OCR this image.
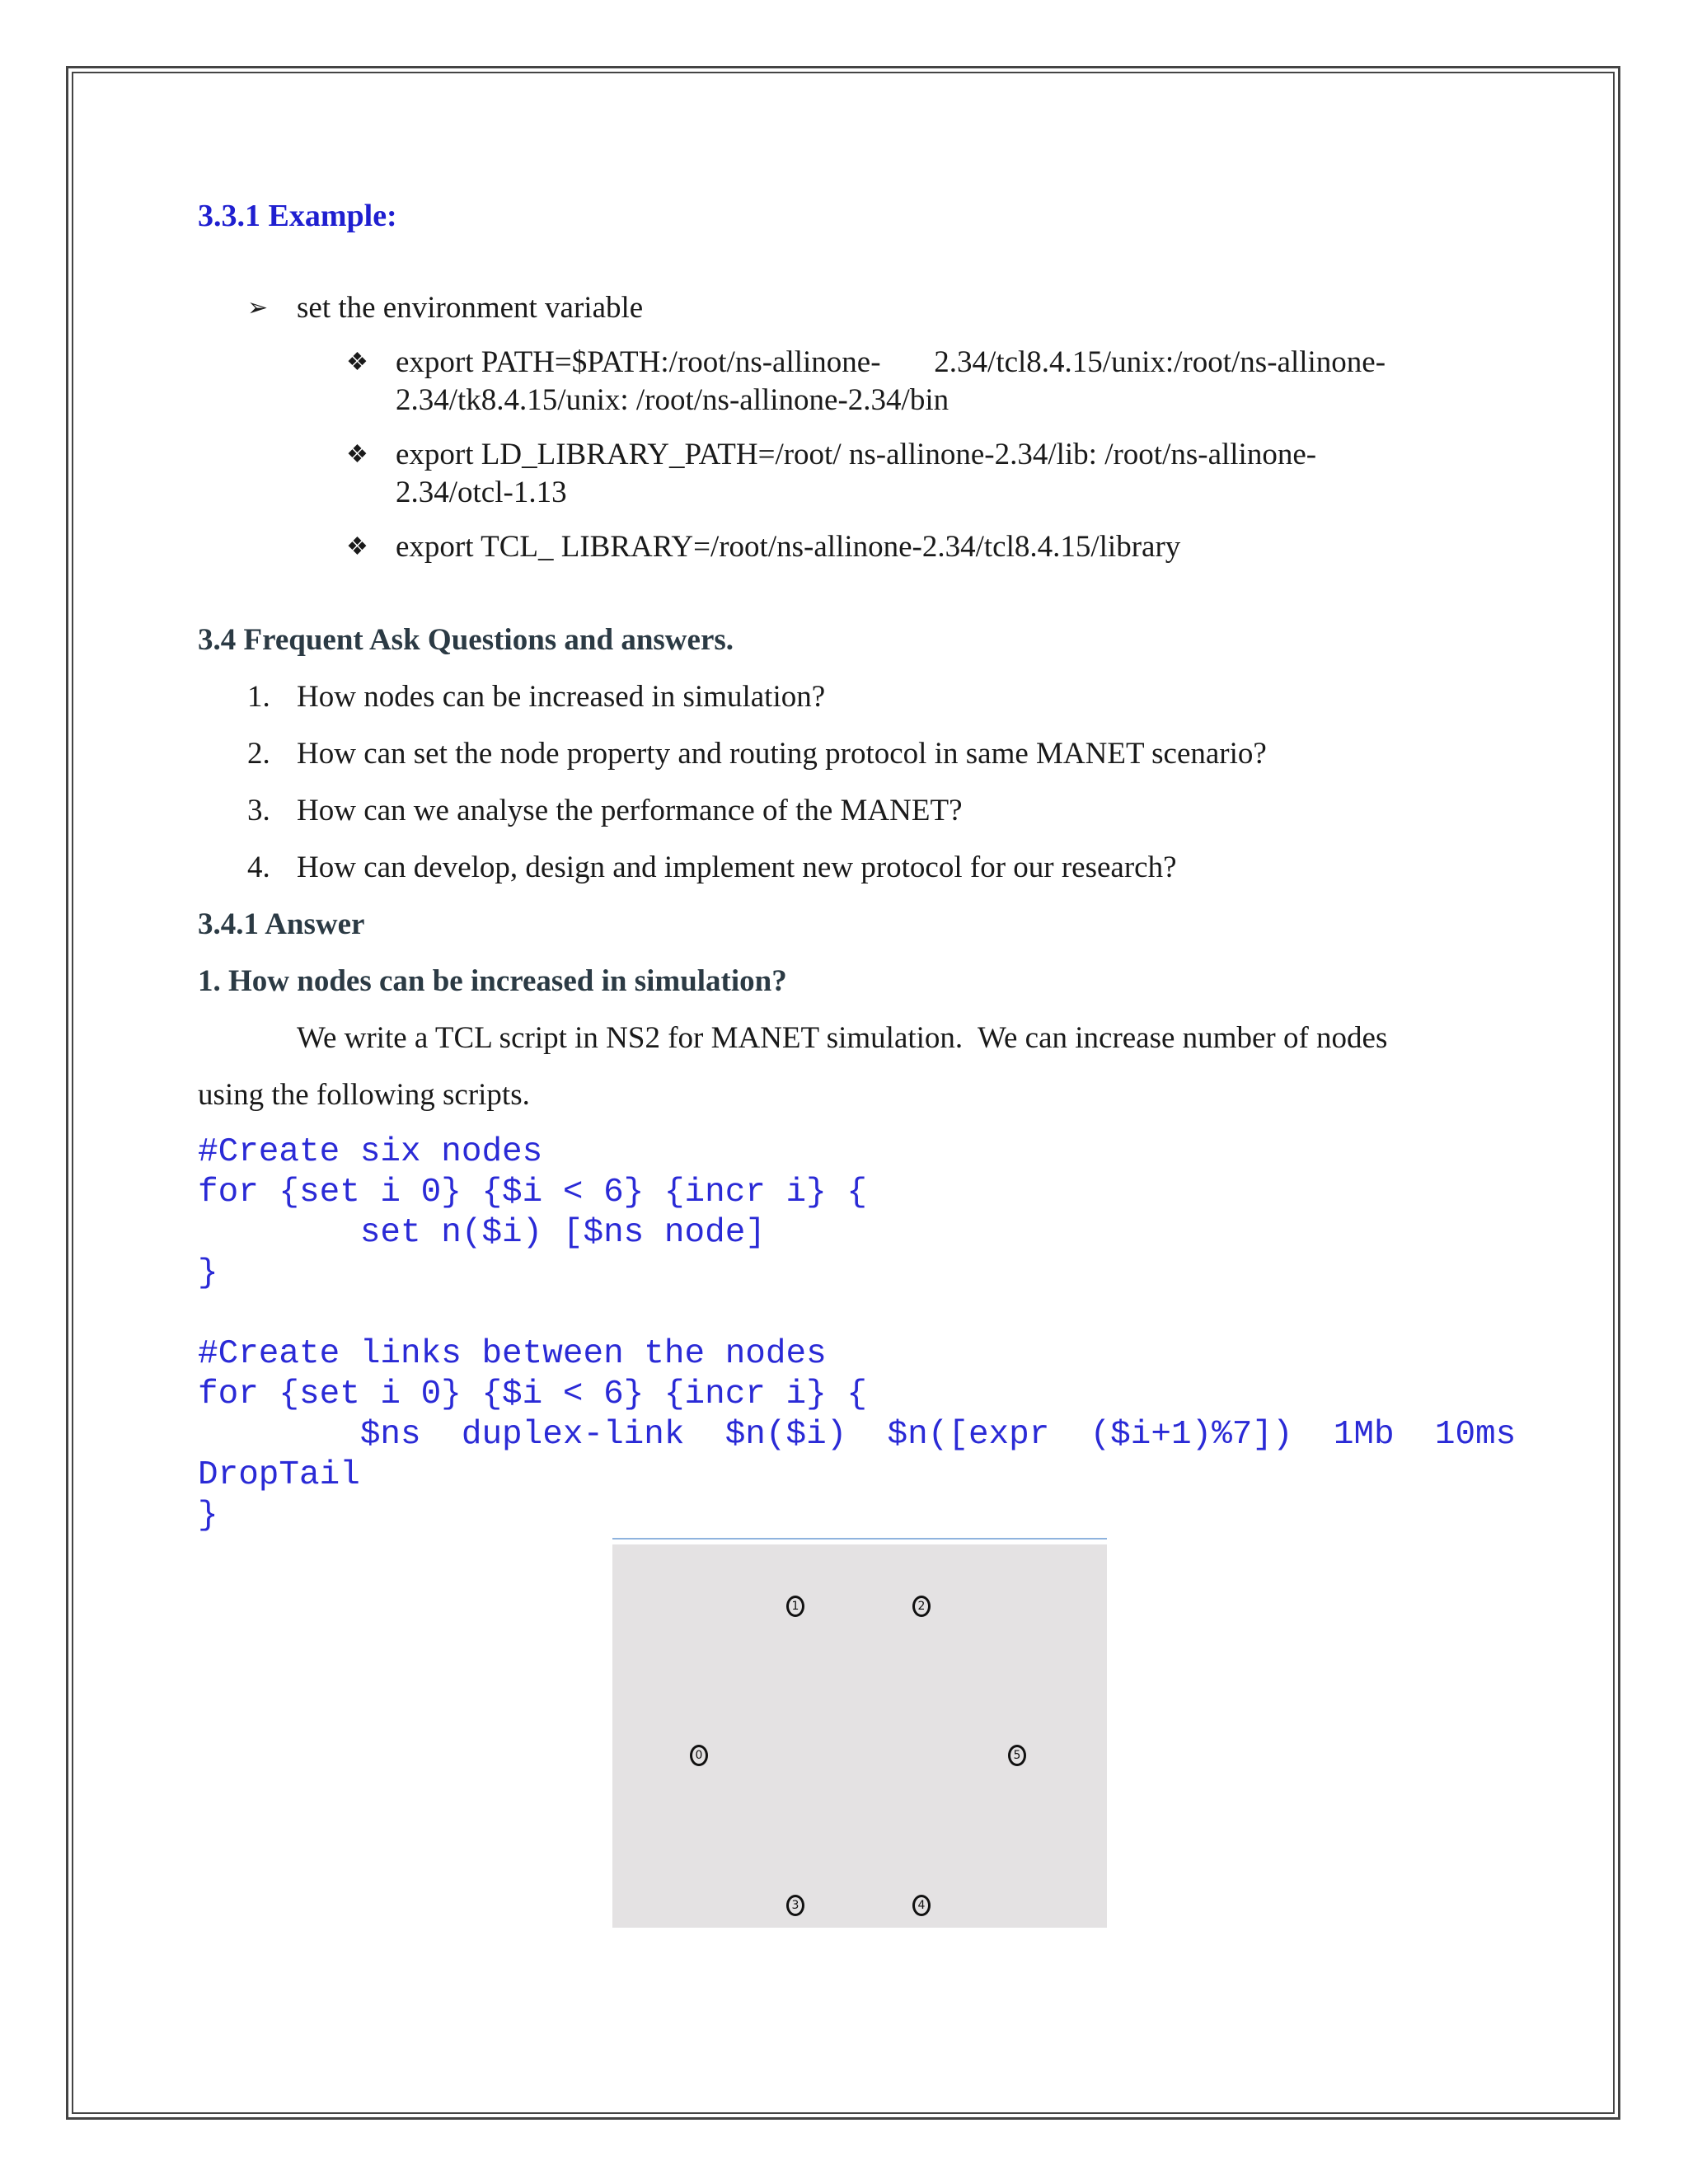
3.3.1 Example:
➢ set the environment variable
❖ export PATH=$PATH:/root/ns-allinone-       2.34/tcl8.4.15/unix:/root/ns-allinone-
2.34/tk8.4.15/unix: /root/ns-allinone-2.34/bin
❖ export LD_LIBRARY_PATH=/root/ ns-allinone-2.34/lib: /root/ns-allinone-
2.34/otcl-1.13
❖ export TCL_ LIBRARY=/root/ns-allinone-2.34/tcl8.4.15/library
3.4 Frequent Ask Questions and answers.
1. How nodes can be increased in simulation?
2. How can set the node property and routing protocol in same MANET scenario?
3. How can we analyse the performance of the MANET?
4. How can develop, design and implement new protocol for our research?
3.4.1 Answer
1. How nodes can be increased in simulation?
We write a TCL script in NS2 for MANET simulation.  We can increase number of nodes
using the following scripts.
#Create six nodes
for {set i 0} {$i < 6} {incr i} {
set n($i) [$ns node]
}
#Create links between the nodes
for {set i 0} {$i < 6} {incr i} {
$ns  duplex-link  $n($i)  $n([expr  ($i+1)%7])  1Mb  10ms
DropTail
}
1	2
0	5
3	4
